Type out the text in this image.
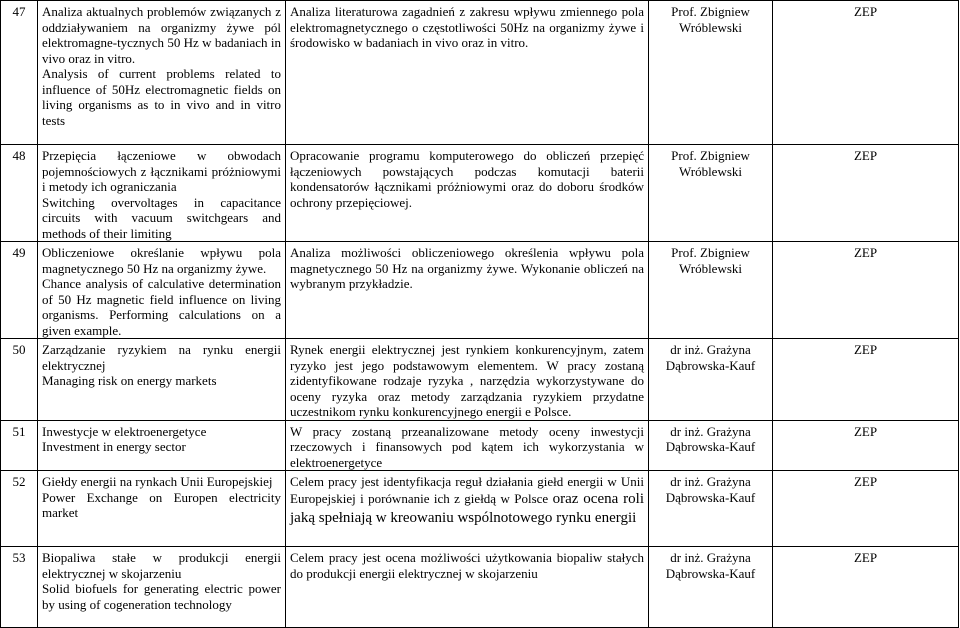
47	Analiza aktualnych problemów związanych z oddziaływaniem na organizmy żywe pól elektromagne-tycznych 50 Hz w badaniach in vivo oraz in vitro.
Analysis of current problems related to influence of 50Hz electromagnetic fields on living organisms as to in vivo and in vitro tests	Analiza literaturowa zagadnień z zakresu wpływu zmiennego pola elektromagnetycznego o częstotliwości 50Hz na organizmy żywe i środowisko w badaniach in vivo oraz in vitro.	Prof. Zbigniew Wróblewski	ZEP
48	Przepięcia łączeniowe w obwodach pojemnościowych z łącznikami próżniowymi i metody ich ograniczania
Switching overvoltages in capacitance circuits with vacuum switchgears and methods of their limiting	Opracowanie programu komputerowego do obliczeń przepięć łączeniowych powstających podczas komutacji baterii kondensatorów łącznikami próżniowymi oraz do doboru środków ochrony przepięciowej.	Prof. Zbigniew Wróblewski	ZEP
49	Obliczeniowe określanie wpływu pola magnetycznego 50 Hz na organizmy żywe.
Chance analysis of calculative determination of 50 Hz magnetic field influence on living organisms. Performing calculations on a given example.	Analiza możliwości obliczeniowego określenia wpływu pola magnetycznego 50 Hz na organizmy żywe. Wykonanie obliczeń na wybranym przykładzie.	Prof. Zbigniew Wróblewski	ZEP
50	Zarządzanie ryzykiem na rynku energii elektrycznej
Managing risk on energy markets	Rynek energii elektrycznej jest rynkiem konkurencyjnym, zatem ryzyko jest jego podstawowym elementem. W pracy zostaną zidentyfikowane rodzaje ryzyka , narzędzia wykorzystywane do oceny ryzyka oraz metody zarządzania ryzykiem przydatne uczestnikom rynku konkurencyjnego energii e Polsce.	dr inż. Grażyna Dąbrowska-Kauf	ZEP
51	Inwestycje w elektroenergetyce
Investment in energy sector	W pracy zostaną przeanalizowane metody oceny inwestycji rzeczowych i finansowych pod kątem ich wykorzystania w elektroenergetyce	dr inż. Grażyna Dąbrowska-Kauf	ZEP
52	Giełdy energii na rynkach Unii Europejskiej
Power Exchange on Europen electricity market	Celem pracy jest identyfikacja reguł działania giełd energii w Unii Europejskiej i porównanie ich z giełdą w Polsce oraz ocena roli jaką spełniają w kreowaniu wspólnotowego rynku energii	dr inż. Grażyna Dąbrowska-Kauf	ZEP
53	Biopaliwa stałe w produkcji energii elektrycznej w skojarzeniu
Solid biofuels for generating electric power by using of cogeneration technology	Celem pracy jest ocena możliwości użytkowania biopaliw stałych do produkcji energii elektrycznej w skojarzeniu	dr inż. Grażyna Dąbrowska-Kauf	ZEP
